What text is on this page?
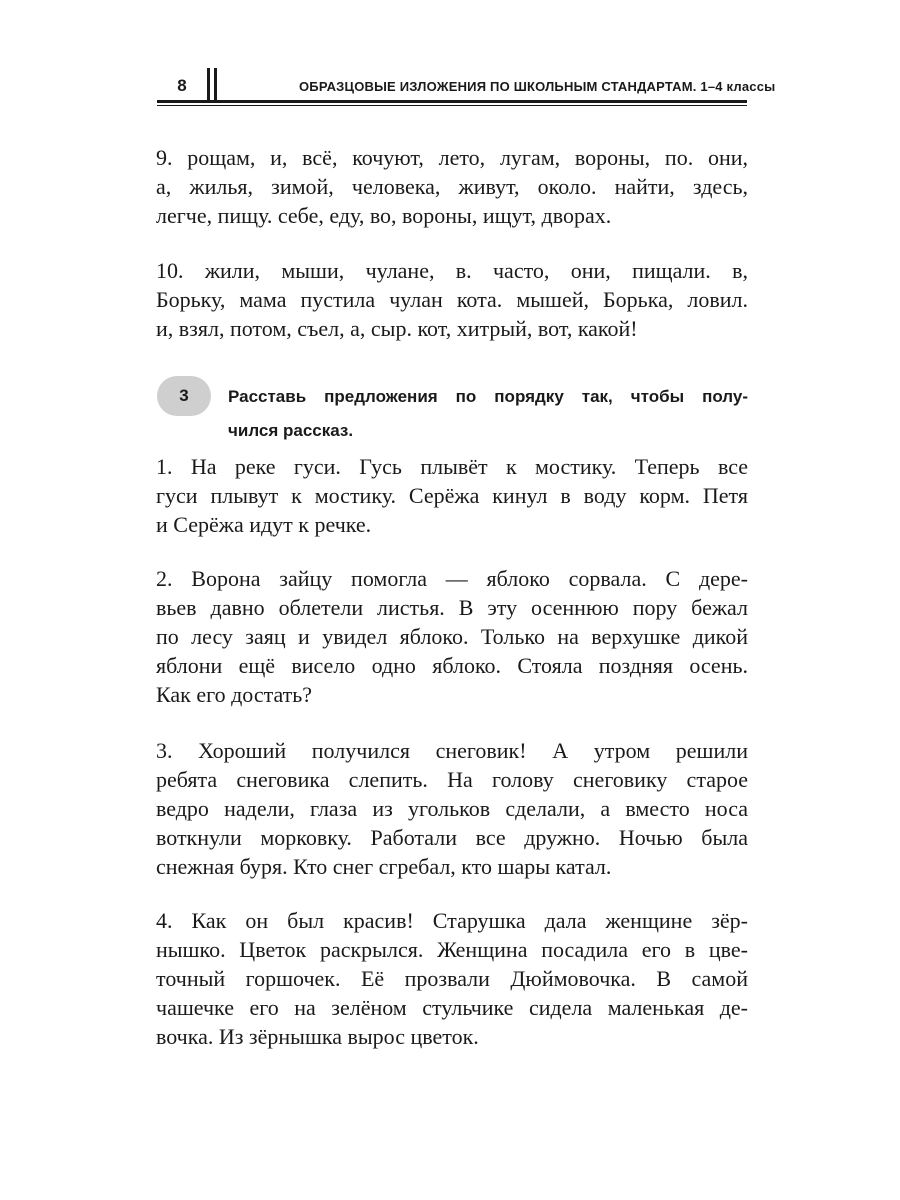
8	ОБРАЗЦОВЫЕ ИЗЛОЖЕНИЯ ПО ШКОЛЬНЫМ СТАНДАРТАМ. 1–4 классы
9. рощам, и, всё, кочуют, лето, лугам, вороны, по. они,
а, жилья, зимой, человека, живут, около. найти, здесь,
легче, пищу. себе, еду, во, вороны, ищут, дворах.
10. жили, мыши, чулане, в. часто, они, пищали. в,
Борьку, мама пустила чулан кота. мышей, Борька, ловил.
и, взял, потом, съел, а, сыр. кот, хитрый, вот, какой!
3	Расставь предложения по порядку так, чтобы полу-
чился рассказ.
1. На реке гуси. Гусь плывёт к мостику. Теперь все
гуси плывут к мостику. Серёжа кинул в воду корм. Петя
и Серёжа идут к речке.
2. Ворона зайцу помогла — яблоко сорвала. С дере-
вьев давно облетели листья. В эту осеннюю пору бежал
по лесу заяц и увидел яблоко. Только на верхушке дикой
яблони ещё висело одно яблоко. Стояла поздняя осень.
Как его достать?
3. Хороший получился снеговик! А утром решили
ребята снеговика слепить. На голову снеговику старое
ведро надели, глаза из угольков сделали, а вместо носа
воткнули морковку. Работали все дружно. Ночью была
снежная буря. Кто снег сгребал, кто шары катал.
4. Как он был красив! Старушка дала женщине зёр-
нышко. Цветок раскрылся. Женщина посадила его в цве-
точный горшочек. Её прозвали Дюймовочка. В самой
чашечке его на зелёном стульчике сидела маленькая де-
вочка. Из зёрнышка вырос цветок.
